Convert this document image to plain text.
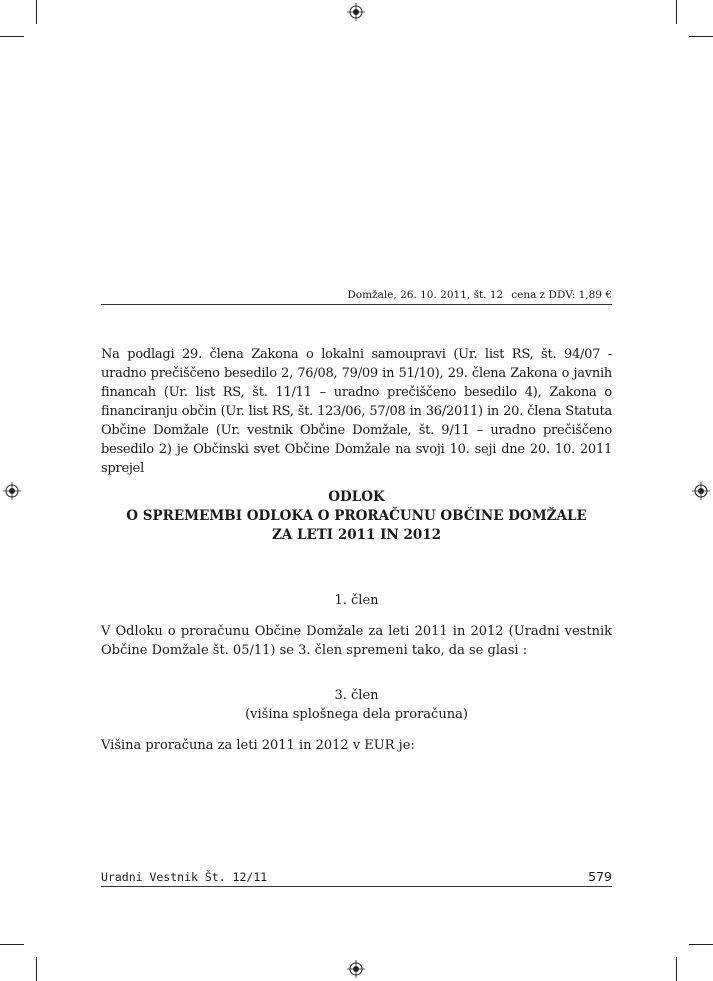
Domžale, 26. 10. 2011, št. 12 cena z DDV: 1,89 €
Na podlagi 29. člena Zakona o lokalni samoupravi (Ur. list RS, št. 94/07 - uradno prečiščeno besedilo 2, 76/08, 79/09 in 51/10), 29. člena Zakona o javnih financah (Ur. list RS, št. 11/11 – uradno prečiščeno besedilo 4), Zakona o financiranju občin (Ur. list RS, št. 123/06, 57/08 in 36/2011) in 20. člena Statuta Občine Domžale (Ur. vestnik Občine Domžale, št. 9/11 – uradno prečiščeno besedilo 2) je Občinski svet Občine Domžale na svoji 10. seji dne 20. 10. 2011 sprejel
ODLOK
O SPREMEMBI ODLOKA O PRORAČUNU OBČINE DOMŽALE
ZA LETI 2011 IN 2012
1. člen
V Odloku o proračunu Občine Domžale za leti 2011 in 2012 (Uradni vestnik Občine Domžale št. 05/11) se 3. člen spremeni tako, da se glasi :
3. člen
(višina splošnega dela proračuna)
Višina proračuna za leti 2011 in 2012 v EUR je:
Uradni Vestnik Št. 12/11	579
